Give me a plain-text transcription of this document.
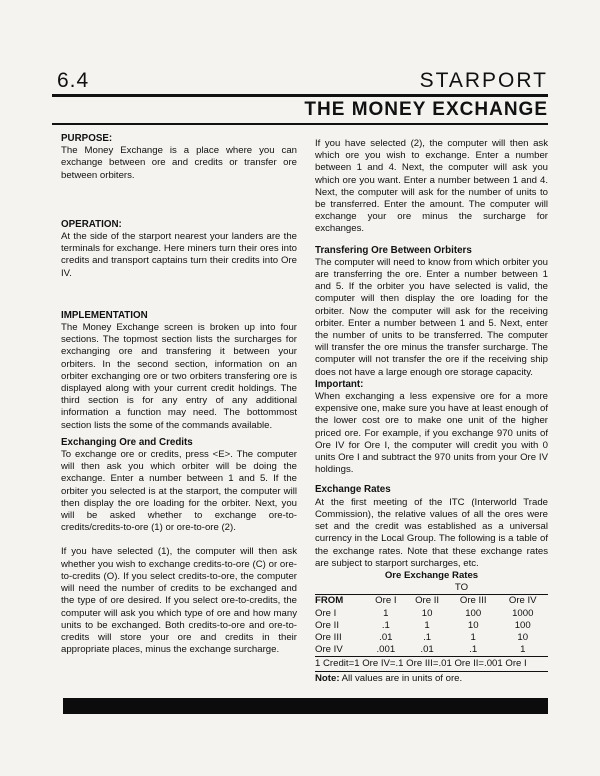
6.4	STARPORT
THE MONEY EXCHANGE

PURPOSE:

The Money Exchange is a place where you can exchange between ore and credits or transfer ore between orbiters.

OPERATION:

At the side of the starport nearest your landers are the terminals for exchange. Here miners turn their ores into credits and transport captains turn their credits into Ore IV.

IMPLEMENTATION

The Money Exchange screen is broken up into four sections. The topmost section lists the surcharges for exchanging ore and transfering it between your orbiters. In the second section, information on an orbiter exchanging ore or two orbiters transfering ore is displayed along with your current credit holdings. The third section is for any entry of any additional information a function may need. The bottommost section lists the some of the commands available.

Exchanging Ore and Credits

To exchange ore or credits, press <E>. The computer will then ask you which orbiter will be doing the exchange. Enter a number between 1 and 5. If the orbiter you selected is at the starport, the computer will then display the ore loading for the orbiter. Next, you will be asked whether to exchange ore-to-credits/credits-to-ore (1) or ore-to-ore (2).

If you have selected (1), the computer will then ask whether you wish to exchange credits-to-ore (C) or ore-to-credits (O). If you select credits-to-ore, the computer will need the number of credits to be exchanged and the type of ore desired. If you select ore-to-credits, the computer will ask you which type of ore and how many units to be exchanged. Both credits-to-ore and ore-to-credits will store your ore and credits in their appropriate places, minus the exchange surcharge.

If you have selected (2), the computer will then ask which ore you wish to exchange. Enter a number between 1 and 4. Next, the computer will ask you which ore you want. Enter a number between 1 and 4. Next, the computer will ask for the number of units to be transferred. Enter the amount. The computer will exchange your ore minus the surcharge for exchanges.

Transfering Ore Between Orbiters

The computer will need to know from which orbiter you are transferring the ore. Enter a number between 1 and 5. If the orbiter you have selected is valid, the computer will then display the ore loading for the orbiter. Now the computer will ask for the receiving orbiter. Enter a number between 1 and 5. Next, enter the number of units to be transferred. The computer will transfer the ore minus the transfer surcharge. The computer will not transfer the ore if the receiving ship does not have a large enough ore storage capacity.

Important:

When exchanging a less expensive ore for a more expensive one, make sure you have at least enough of the lower cost ore to make one unit of the higher priced ore. For example, if you exchange 970 units of Ore IV for Ore I, the computer will credit you with 0 units Ore I and subtract the 970 units from your Ore IV holdings.

Exchange Rates

At the first meeting of the ITC (Interworld Trade Commission), the relative values of all the ores were set and the credit was established as a universal currency in the Local Group. The following is a table of the exchange rates. Note that these exchange rates are subject to starport surcharges, etc.

Ore Exchange Rates

TO				
FROM	Ore I	Ore II	Ore III	Ore IV
Ore I	1	10	100	1000
Ore II	.1	1	10	100
Ore III	.01	.1	1	10
Ore IV	.001	.01	.1	1

1 Credit=1 Ore IV=.1 Ore III=.01 Ore II=.001 Ore I

Note: All values are in units of ore.
